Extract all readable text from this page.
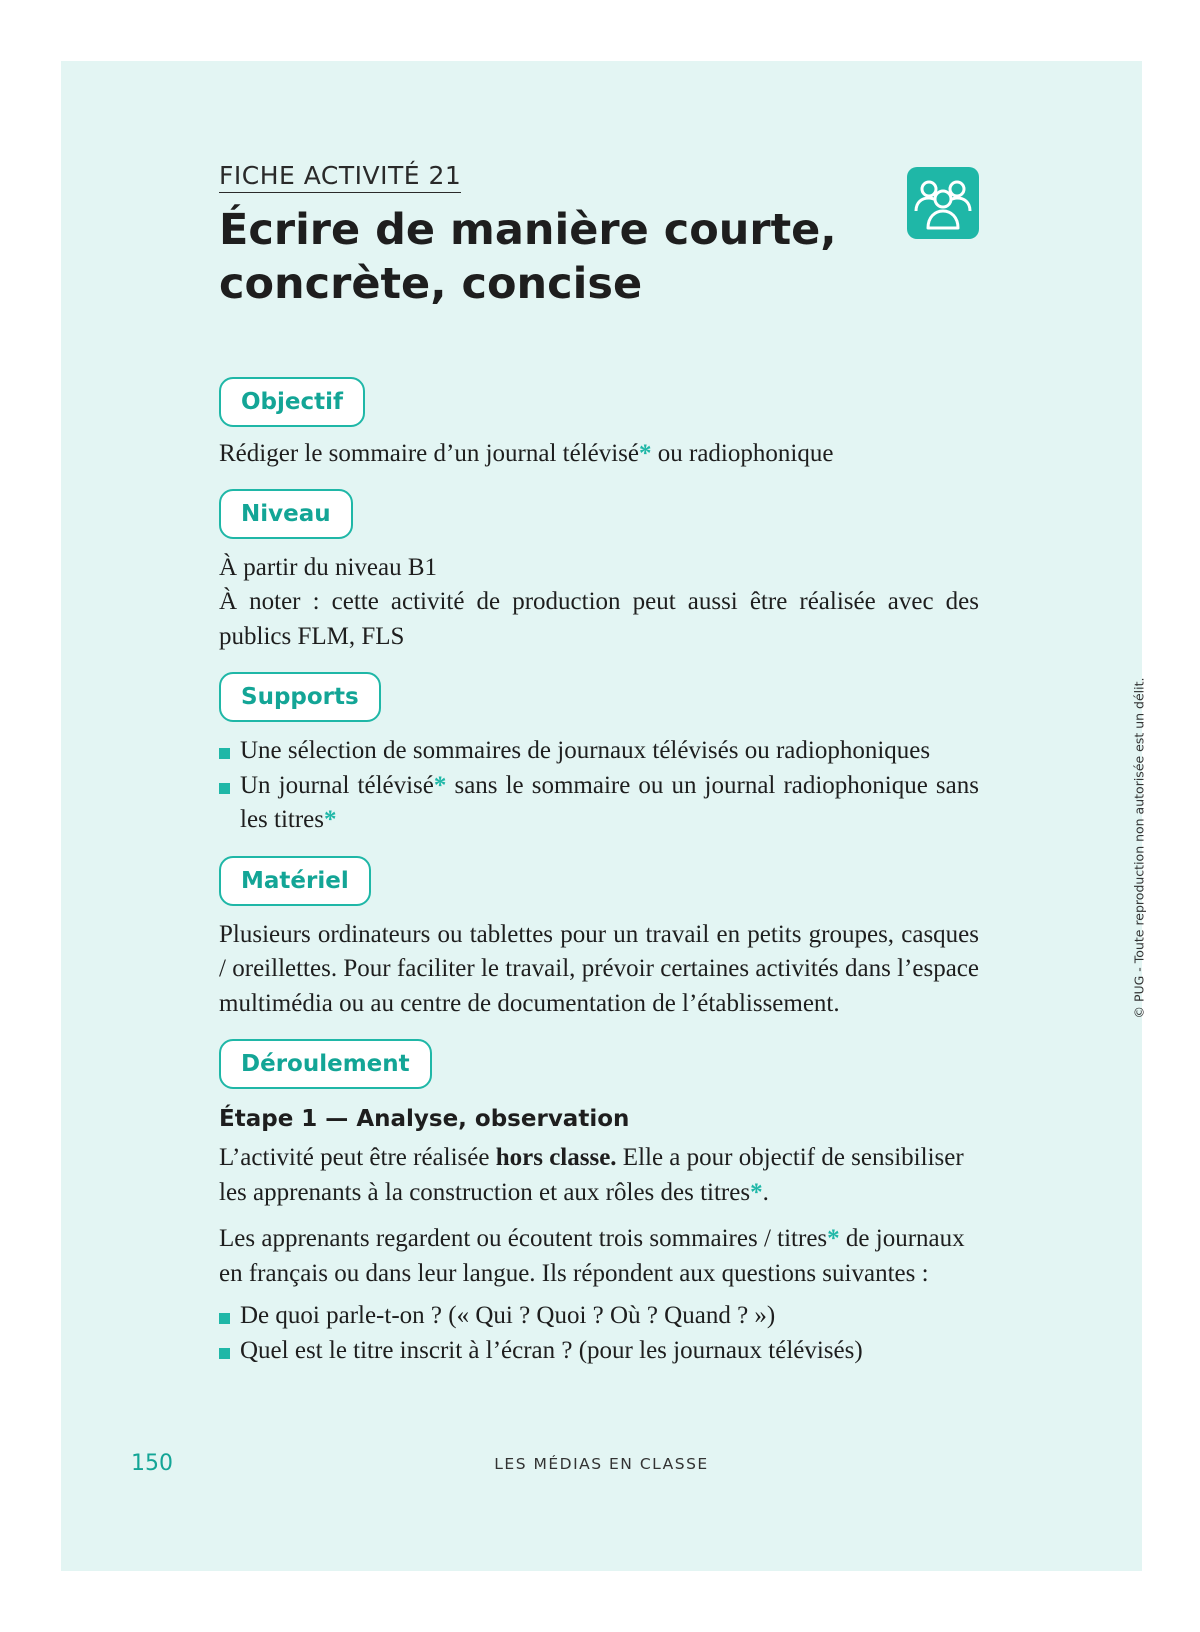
FICHE ACTIVITÉ 21
Écrire de manière courte,
concrète, concise
Objectif

Rédiger le sommaire d’un journal télévisé* ou radiophonique

Niveau

À partir du niveau B1

À noter : cette activité de production peut aussi être réalisée avec des publics FLM, FLS

Supports
Une sélection de sommaires de journaux télévisés ou radiophoniques
Un journal télévisé* sans le sommaire ou un journal radiophonique sans les titres*
Matériel

Plusieurs ordinateurs ou tablettes pour un travail en petits groupes, casques / oreillettes. Pour faciliter le travail, prévoir certaines activités dans l’espace multimédia ou au centre de documentation de l’établissement.

Déroulement

Étape 1 — Analyse, observation

L’activité peut être réalisée hors classe. Elle a pour objectif de sensibiliser les apprenants à la construction et aux rôles des titres*.

Les apprenants regardent ou écoutent trois sommaires / titres* de journaux en français ou dans leur langue. Ils répondent aux questions suivantes :

De quoi parle-t-on ? (« Qui ? Quoi ? Où ? Quand ? »)
Quel est le titre inscrit à l’écran ? (pour les journaux télévisés)
© PUG - Toute reproduction non autorisée est un délit.
150	LES MÉDIAS EN CLASSE
